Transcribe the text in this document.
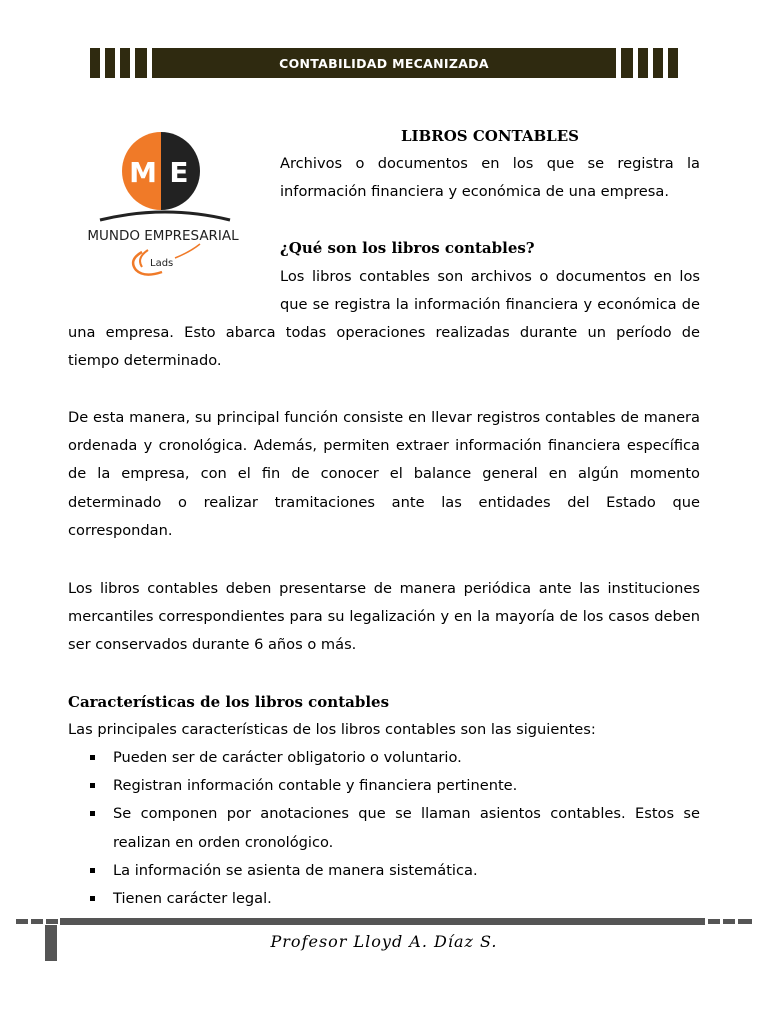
CONTABILIDAD MECANIZADA
M E
MUNDO EMPRESARIAL
Lads
LIBROS CONTABLES

Archivos o documentos en los que se registra la

información financiera y económica de una empresa.

¿Qué son los libros contables?

Los libros contables son archivos o documentos en los

que se registra la información financiera y económica de

una empresa. Esto abarca todas operaciones realizadas durante un período de tiempo determinado.

De esta manera, su principal función consiste en llevar registros contables de manera ordenada y cronológica. Además, permiten extraer información financiera específica de la empresa, con el fin de conocer el balance general en algún momento determinado o realizar tramitaciones ante las entidades del Estado que correspondan.

Los libros contables deben presentarse de manera periódica ante las instituciones mercantiles correspondientes para su legalización y en la mayoría de los casos deben ser conservados durante 6 años o más.

Características de los libros contables

Las principales características de los libros contables son las siguientes:

Pueden ser de carácter obligatorio o voluntario.
Registran información contable y financiera pertinente.
Se componen por anotaciones que se llaman asientos contables. Estos se realizan en orden cronológico.
La información se asienta de manera sistemática.
Tienen carácter legal.
Profesor Lloyd A. Díaz S.
